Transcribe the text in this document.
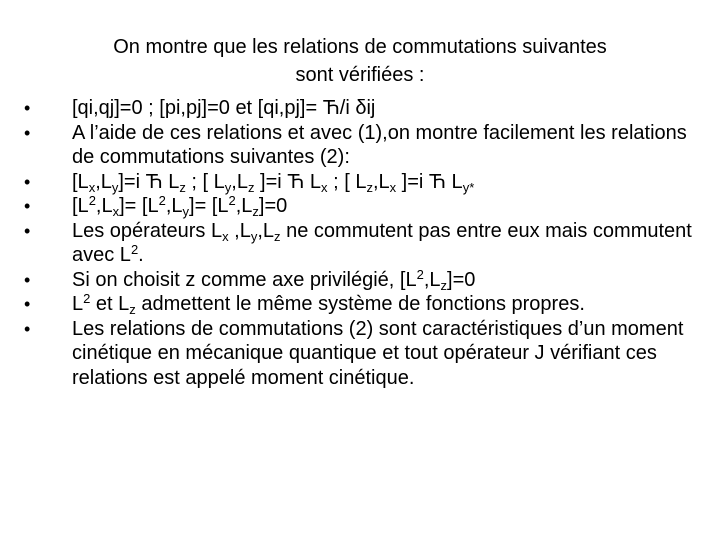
On montre que les relations de commutations suivantes
sont vérifiées :
•	[qi,qj]=0 ; [pi,pj]=0 et [qi,pj]= Ћ/i δij
•	A l’aide de ces relations et avec (1),on montre facilement les relations de commutations suivantes (2):
•	$[L_x,L_y]=i$ Ћ $L_z$ ; [ $L_y,L_z$ ]=i Ћ $L_x$ ; [ $L_z,L_x$ ]=i Ћ $L_{y*}$
•	$[L^2,L_x]= [L^2,L_y]= [L^2,L_z]=0$
•	Les opérateurs $L_x$ $,L_y,L_z$ ne commutent pas entre eux mais commutent avec $L^2$.
•	Si on choisit z comme axe privilégié, $[L^2,L_z]=0$
•	$L^2$ et $L_z$ admettent le même système de fonctions propres.
•	Les relations de commutations (2) sont caractéristiques d’un moment cinétique en mécanique quantique et tout opérateur J vérifiant ces relations est appelé moment cinétique.
